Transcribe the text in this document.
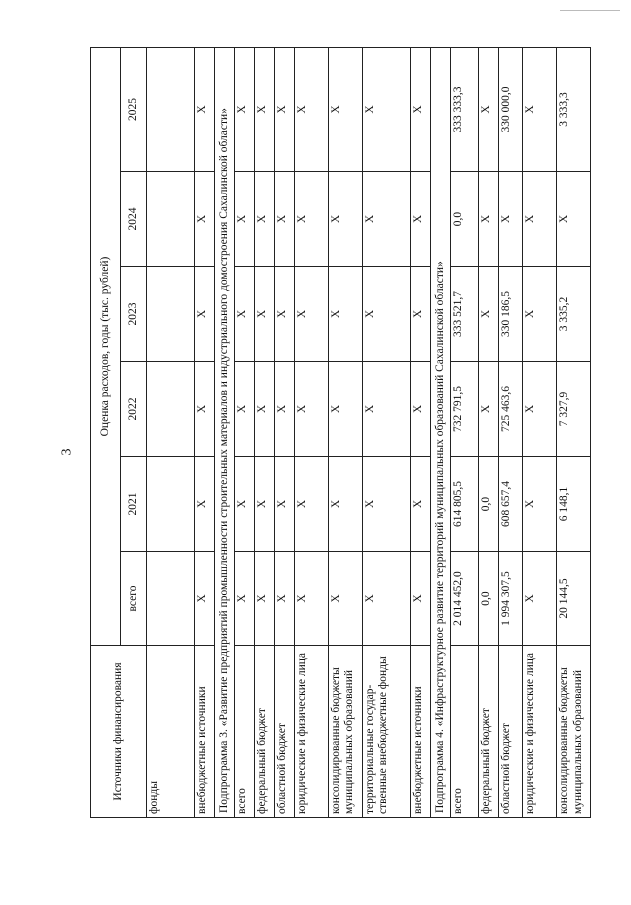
3
Источники финансирования	Оценка расходов, годы (тыс. рублей)					
	всего	2021	2022	2023	2024	2025
фонды						
внебюджетные источники	X	X	X	X	X	X
Подпрограмма 3. «Развитие предприятий промышленности строительных материалов и индустриального домостроения Сахалинской области»						
всего	X	X	X	X	X	X
федеральный бюджет	X	X	X	X	X	X
областной бюджет	X	X	X	X	X	X
юридические и физические лица	X	X	X	X	X	X
консолидированные бюджеты муниципальных образований	X	X	X	X	X	X
территориальные государ-ственные внебюджетные фонды	X	X	X	X	X	X
внебюджетные источники	X	X	X	X	X	X
Подпрограмма 4. «Инфраструктурное развитие территорий муниципальных образований Сахалинской области»						
всего	2 014 452,0	614 805,5	732 791,5	333 521,7	0,0	333 333,3
федеральный бюджет	0,0	0,0	X	X	X	X
областной бюджет	1 994 307,5	608 657,4	725 463,6	330 186,5	X	330 000,0
юридические и физические лица	X	X	X	X	X	X
консолидированные бюджеты муниципальных образований	20 144,5	6 148,1	7 327,9	3 335,2	X	3 333,3
